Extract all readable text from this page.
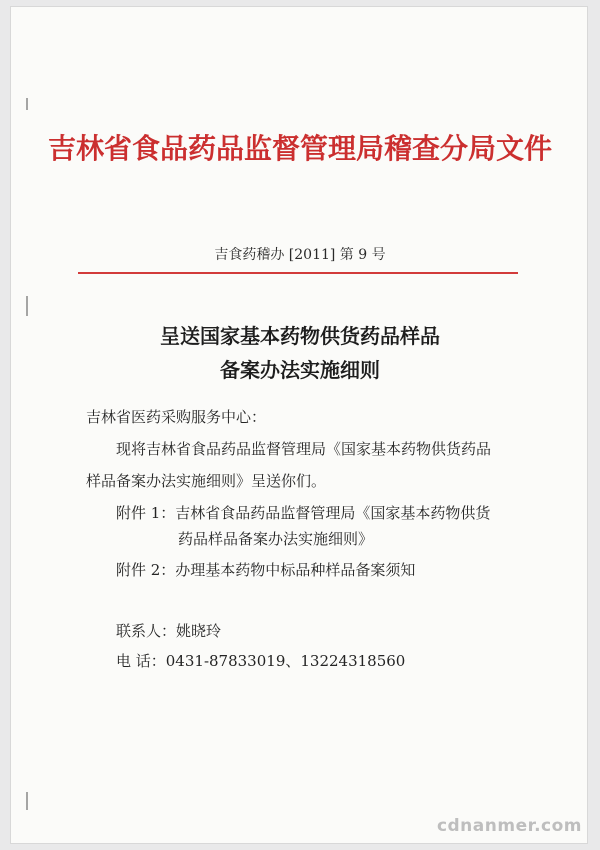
吉林省食品药品监督管理局稽查分局文件
吉食药稽办 [2011] 第 9 号
呈送国家基本药物供货药品样品
备案办法实施细则
吉林省医药采购服务中心：
现将吉林省食品药品监督管理局《国家基本药物供货药品
样品备案办法实施细则》呈送你们。
附件 1：吉林省食品药品监督管理局《国家基本药物供货
药品样品备案办法实施细则》
附件 2：办理基本药物中标品种样品备案须知
联系人：姚晓玲
电 话：0431-87833019、13224318560
cdnanmer.com
